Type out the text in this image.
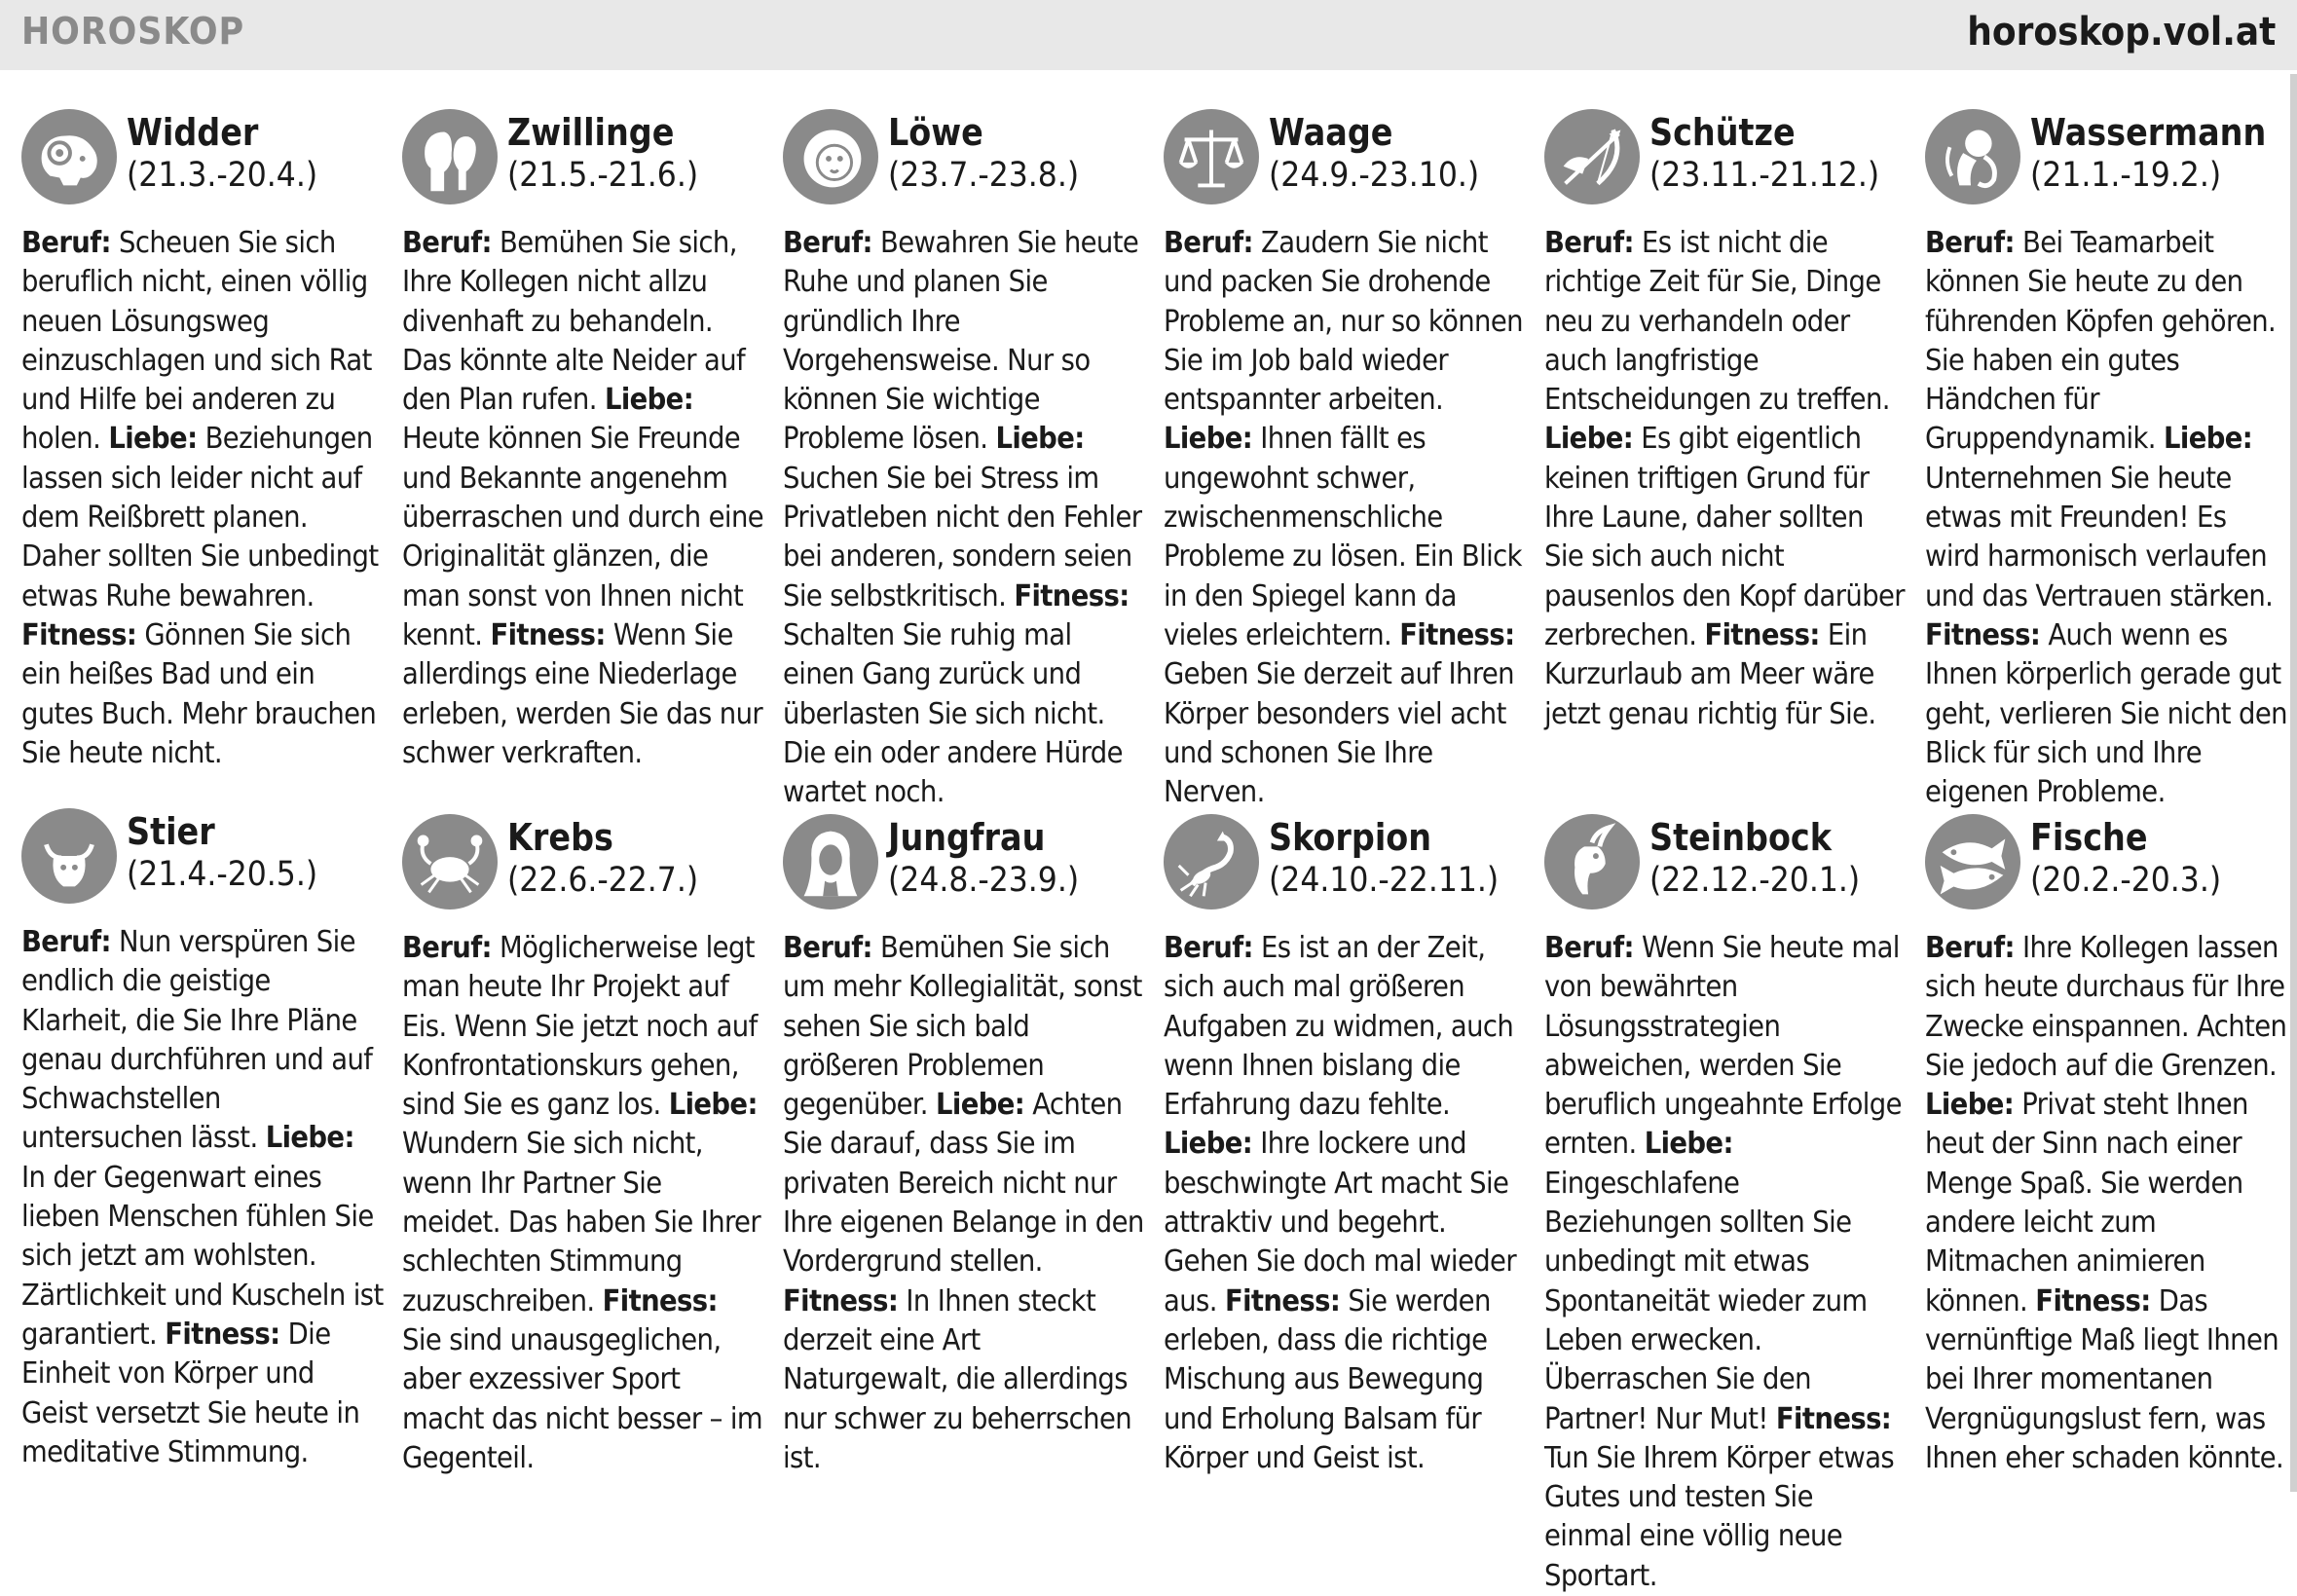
HOROSKOP	horoskop.vol.at
Widder
(21.3.-20.4.)
Beruf: Scheuen Sie sich beruflich nicht, einen völlig neuen Lösungsweg einzuschlagen und sich Rat und Hilfe bei anderen zu holen. Liebe: Beziehungen lassen sich leider nicht auf dem Reißbrett planen. Daher sollten Sie unbedingt etwas Ruhe bewahren. Fitness: Gönnen Sie sich ein heißes Bad und ein gutes Buch. Mehr brauchen Sie heute nicht.
Zwillinge
(21.5.-21.6.)
Beruf: Bemühen Sie sich, Ihre Kollegen nicht allzu divenhaft zu behandeln. Das könnte alte Neider auf den Plan rufen. Liebe: Heute können Sie Freunde und Bekannte angenehm überraschen und durch eine Originalität glänzen, die man sonst von Ihnen nicht kennt. Fitness: Wenn Sie allerdings eine Niederlage erleben, werden Sie das nur schwer verkraften.
Löwe
(23.7.-23.8.)
Beruf: Bewahren Sie heute Ruhe und planen Sie gründlich Ihre Vorgehensweise. Nur so können Sie wichtige Probleme lösen. Liebe: Suchen Sie bei Stress im Privatleben nicht den Fehler bei anderen, sondern seien Sie selbstkritisch. Fitness: Schalten Sie ruhig mal einen Gang zurück und überlasten Sie sich nicht. Die ein oder andere Hürde wartet noch.
Waage
(24.9.-23.10.)
Beruf: Zaudern Sie nicht und packen Sie drohende Probleme an, nur so können Sie im Job bald wieder entspannter arbeiten. Liebe: Ihnen fällt es ungewohnt schwer, zwischenmenschliche Probleme zu lösen. Ein Blick in den Spiegel kann da vieles erleichtern. Fitness: Geben Sie derzeit auf Ihren Körper besonders viel acht und schonen Sie Ihre Nerven.
Schütze
(23.11.-21.12.)
Beruf: Es ist nicht die richtige Zeit für Sie, Dinge neu zu verhandeln oder auch langfristige Entscheidungen zu treffen. Liebe: Es gibt eigentlich keinen triftigen Grund für Ihre Laune, daher sollten Sie sich auch nicht pausenlos den Kopf darüber zerbrechen. Fitness: Ein Kurzurlaub am Meer wäre jetzt genau richtig für Sie.
Wassermann
(21.1.-19.2.)
Beruf: Bei Teamarbeit können Sie heute zu den führenden Köpfen gehören. Sie haben ein gutes Händchen für Gruppendynamik. Liebe: Unternehmen Sie heute etwas mit Freunden! Es wird harmonisch verlaufen und das Vertrauen stärken. Fitness: Auch wenn es Ihnen körperlich gerade gut geht, verlieren Sie nicht den Blick für sich und Ihre eigenen Probleme.
Stier
(21.4.-20.5.)
Beruf: Nun verspüren Sie endlich die geistige Klarheit, die Sie Ihre Pläne genau durchführen und auf Schwachstellen untersuchen lässt. Liebe: In der Gegenwart eines lieben Menschen fühlen Sie sich jetzt am wohlsten. Zärtlichkeit und Kuscheln ist garantiert. Fitness: Die Einheit von Körper und Geist versetzt Sie heute in meditative Stimmung.
Krebs
(22.6.-22.7.)
Beruf: Möglicherweise legt man heute Ihr Projekt auf Eis. Wenn Sie jetzt noch auf Konfrontationskurs gehen, sind Sie es ganz los. Liebe: Wundern Sie sich nicht, wenn Ihr Partner Sie meidet. Das haben Sie Ihrer schlechten Stimmung zuzuschreiben. Fitness: Sie sind unausgeglichen, aber exzessiver Sport macht das nicht besser – im Gegenteil.
Jungfrau
(24.8.-23.9.)
Beruf: Bemühen Sie sich um mehr Kollegialität, sonst sehen Sie sich bald größeren Problemen gegenüber. Liebe: Achten Sie darauf, dass Sie im privaten Bereich nicht nur Ihre eigenen Belange in den Vordergrund stellen. Fitness: In Ihnen steckt derzeit eine Art Naturgewalt, die allerdings nur schwer zu beherrschen ist.
Skorpion
(24.10.-22.11.)
Beruf: Es ist an der Zeit, sich auch mal größeren Aufgaben zu widmen, auch wenn Ihnen bislang die Erfahrung dazu fehlte. Liebe: Ihre lockere und beschwingte Art macht Sie attraktiv und begehrt. Gehen Sie doch mal wieder aus. Fitness: Sie werden erleben, dass die richtige Mischung aus Bewegung und Erholung Balsam für Körper und Geist ist.
Steinbock
(22.12.-20.1.)
Beruf: Wenn Sie heute mal von bewährten Lösungsstrategien abweichen, werden Sie beruflich ungeahnte Erfolge ernten. Liebe: Eingeschlafene Beziehungen sollten Sie unbedingt mit etwas Spontaneität wieder zum Leben erwecken. Überraschen Sie den Partner! Nur Mut! Fitness: Tun Sie Ihrem Körper etwas Gutes und testen Sie einmal eine völlig neue Sportart.
Fische
(20.2.-20.3.)
Beruf: Ihre Kollegen lassen sich heute durchaus für Ihre Zwecke einspannen. Achten Sie jedoch auf die Grenzen. Liebe: Privat steht Ihnen heut der Sinn nach einer Menge Spaß. Sie werden andere leicht zum Mitmachen animieren können. Fitness: Das vernünftige Maß liegt Ihnen bei Ihrer momentanen Vergnügungslust fern, was Ihnen eher schaden könnte.
